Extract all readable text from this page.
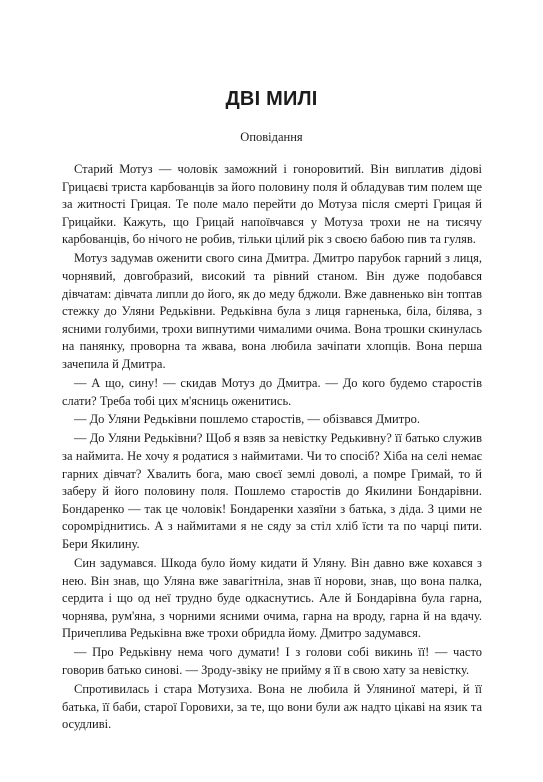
ДВІ МИЛІ
Оповідання

Старий Мотуз — чоловік заможний і гоноровитий. Він виплатив дідові Грицаєві триста карбованців за його половину поля й обладував тим полем ще за житності Грицая. Те поле мало перейти до Мотуза після смерті Грицая й Грицайки. Кажуть, що Грицай напоївчався у Мотуза трохи не на тисячу карбованців, бо нічого не робив, тільки цілий рік з своєю бабою пив та гуляв.

Мотуз задумав оженити свого сина Дмитра. Дмитро парубок гарний з лиця, чорнявий, довгобразий, високий та рівний станом. Він дуже подобався дівчатам: дівчата липли до його, як до меду бджоли. Вже давненько він топтав стежку до Уляни Редьківни. Редьківна була з лиця гарненька, біла, білява, з ясними голубими, трохи випнутими чималими очима. Вона трошки скинулась на панянку, проворна та жвава, вона любила зачіпати хлопців. Вона перша зачепила й Дмитра.

— А що, сину! — скидав Мотуз до Дмитра. — До кого будемо старостів слати? Треба тобі цих м'ясниць оженитись.

— До Уляни Редьківни пошлемо старостів, — обізвався Дмитро.

— До Уляни Редьківни? Щоб я взяв за невістку Редькивну? її батько служив за наймита. Не хочу я родатися з наймитами. Чи то спосіб? Хіба на селі немає гарних дівчат? Хвалить бога, маю своєї землі доволі, а помре Гримай, то й заберу й його половину поля. Пошлемо старостів до Якилини Бондарівни. Бондаренко — так це чоловік! Бондаренки хазяїни з батька, з діда. З цими не соромріднитись. А з наймитами я не сяду за стіл хліб їсти та по чарці пити. Бери Якилину.

Син задумався. Шкода було йому кидати й Уляну. Він давно вже кохався з нею. Він знав, що Уляна вже завагітніла, знав її норови, знав, що вона палка, сердита і що од неї трудно буде одкаснутись. Але й Бондарівна була гарна, чорнява, рум'яна, з чорними ясними очима, гарна на вроду, гарна й на вдачу. Причеплива Редьківна вже трохи обридла йому. Дмитро задумався.

— Про Редьківну нема чого думати! І з голови собі викинь її! — часто говорив батько синові. — Зроду-звіку не прийму я її в свою хату за невістку.

Спротивилась і стара Мотузиха. Вона не любила й Уляниної матері, й її батька, її баби, старої Горовихи, за те, що вони були аж надто цікаві на язик та осудливі.
